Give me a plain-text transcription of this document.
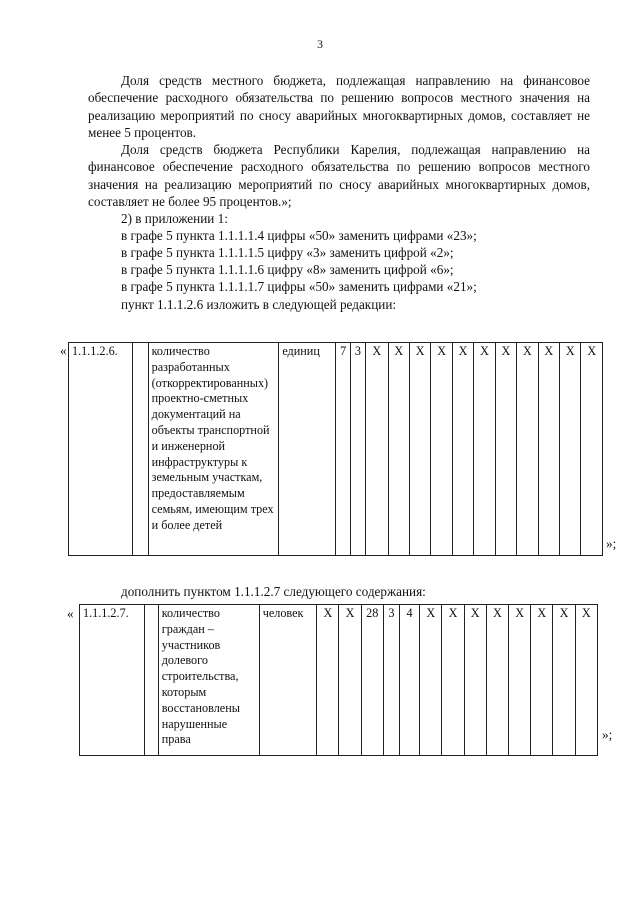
3

Доля средств местного бюджета, подлежащая направлению на финансовое обеспечение расходного обязательства по решению вопросов местного значения на реализацию мероприятий по сносу аварийных многоквартирных домов, составляет не менее 5 процентов.

Доля средств бюджета Республики Карелия, подлежащая направлению на финансовое обеспечение расходного обязательства по решению вопросов местного значения на реализацию мероприятий по сносу аварийных многоквартирных домов, составляет не более 95 процентов.»;

2) в приложении 1:

в графе 5 пункта 1.1.1.1.4 цифры «50» заменить цифрами «23»;
в графе 5 пункта 1.1.1.1.5 цифру «3» заменить цифрой «2»;
в графе 5 пункта 1.1.1.1.6 цифру «8» заменить цифрой «6»;
в графе 5 пункта 1.1.1.1.7 цифры «50» заменить цифрами «21»;
пункт 1.1.1.2.6 изложить в следующей редакции:
« 1.1.1.2.6.		количество разработанных (откорректированных) проектно-сметных документаций на объекты транспортной и инженерной инфраструктуры к земельным участкам, предоставляемым семьям, имеющим трех и более детей	единиц	7	3	Х	Х	Х	Х	Х	Х	Х	Х	Х	Х	Х
»;

дополнить пунктом 1.1.1.2.7 следующего содержания:

« 1.1.1.2.7.		количество граждан – участников долевого строительства, которым восстановлены нарушенные права	человек	Х	Х	28	3	4	Х	Х	Х	Х	Х	Х	Х	Х
»;
